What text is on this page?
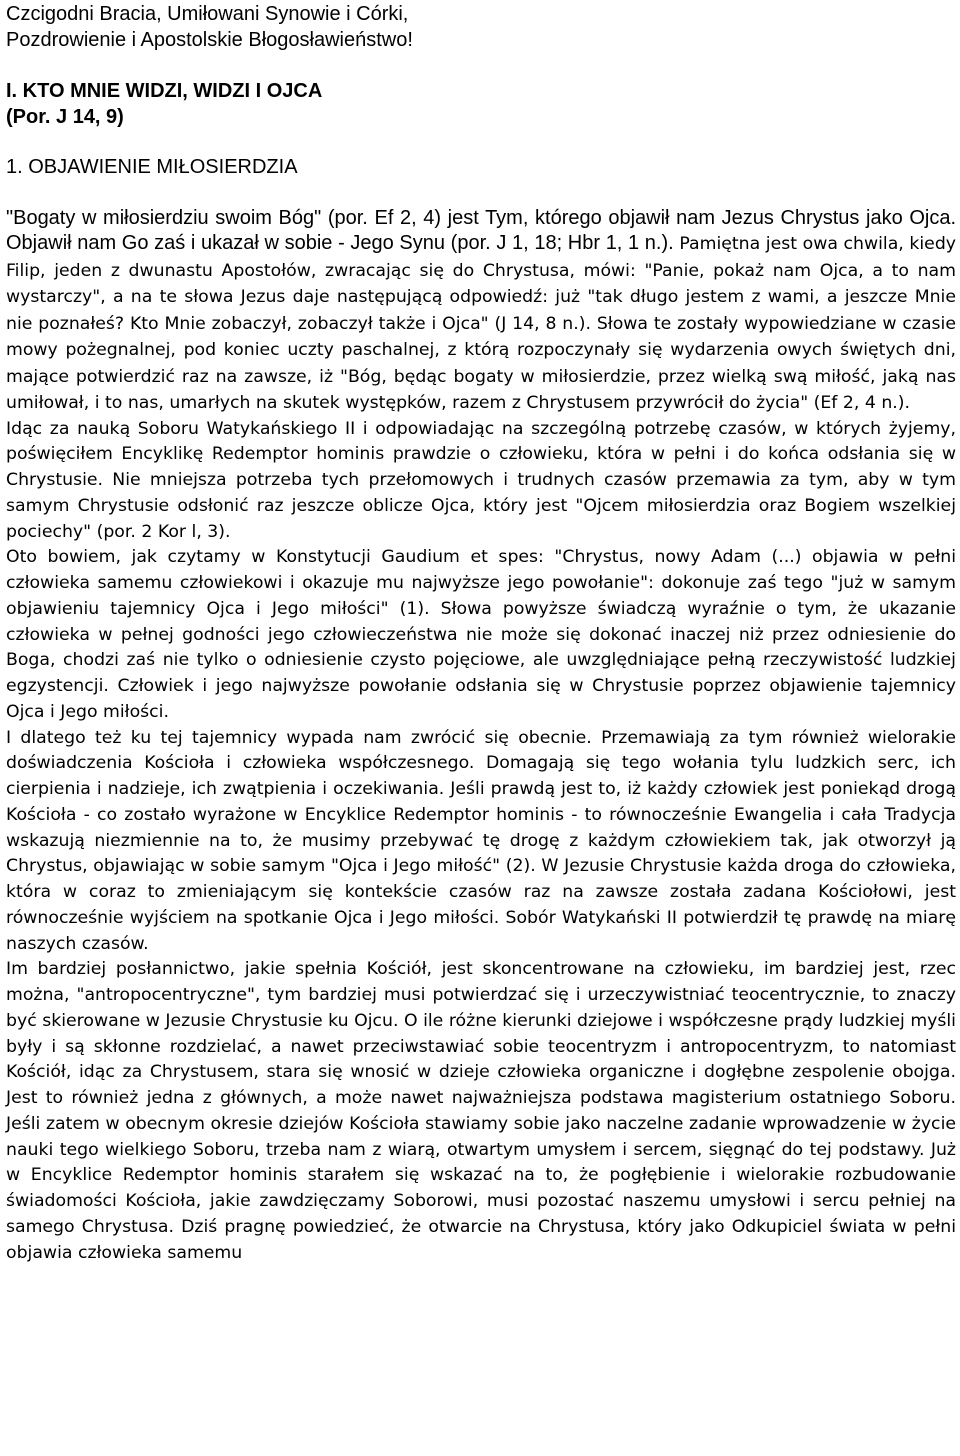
Czcigodni Bracia, Umiłowani Synowie i Córki,

Pozdrowienie i Apostolskie Błogosławieństwo!

I. KTO MNIE WIDZI, WIDZI I OJCA

(Por. J 14, 9)

1. OBJAWIENIE MIŁOSIERDZIA

"Bogaty w miłosierdziu swoim Bóg" (por. Ef 2, 4) jest Tym, którego objawił nam Jezus Chrystus jako Ojca. Objawił nam Go zaś i ukazał w sobie - Jego Synu (por. J 1, 18; Hbr 1, 1 n.). Pamiętna jest owa chwila, kiedy Filip, jeden z dwunastu Apostołów, zwracając się do Chrystusa, mówi: "Panie, pokaż nam Ojca, a to nam wystarczy", a na te słowa Jezus daje następującą odpowiedź: już "tak długo jestem z wami, a jeszcze Mnie nie poznałeś? Kto Mnie zobaczył, zobaczył także i Ojca" (J 14, 8 n.). Słowa te zostały wypowiedziane w czasie mowy pożegnalnej, pod koniec uczty paschalnej, z którą rozpoczynały się wydarzenia owych świętych dni, mające potwierdzić raz na zawsze, iż "Bóg, będąc bogaty w miłosierdzie, przez wielką swą miłość, jaką nas umiłował, i to nas, umarłych na skutek występków, razem z Chrystusem przywrócił do życia" (Ef 2, 4 n.).

Idąc za nauką Soboru Watykańskiego II i odpowiadając na szczególną potrzebę czasów, w których żyjemy, poświęciłem Encyklikę Redemptor hominis prawdzie o człowieku, która w pełni i do końca odsłania się w Chrystusie. Nie mniejsza potrzeba tych przełomowych i trudnych czasów przemawia za tym, aby w tym samym Chrystusie odsłonić raz jeszcze oblicze Ojca, który jest "Ojcem miłosierdzia oraz Bogiem wszelkiej pociechy" (por. 2 Kor l, 3).

Oto bowiem, jak czytamy w Konstytucji Gaudium et spes: "Chrystus, nowy Adam (...) objawia w pełni człowieka samemu człowiekowi i okazuje mu najwyższe jego powołanie": dokonuje zaś tego "już w samym objawieniu tajemnicy Ojca i Jego miłości" (1). Słowa powyższe świadczą wyraźnie o tym, że ukazanie człowieka w pełnej godności jego człowieczeństwa nie może się dokonać inaczej niż przez odniesienie do Boga, chodzi zaś nie tylko o odniesienie czysto pojęciowe, ale uwzględniające pełną rzeczywistość ludzkiej egzystencji. Człowiek i jego najwyższe powołanie odsłania się w Chrystusie poprzez objawienie tajemnicy Ojca i Jego miłości.

I dlatego też ku tej tajemnicy wypada nam zwrócić się obecnie. Przemawiają za tym również wielorakie doświadczenia Kościoła i człowieka współczesnego. Domagają się tego wołania tylu ludzkich serc, ich cierpienia i nadzieje, ich zwątpienia i oczekiwania. Jeśli prawdą jest to, iż każdy człowiek jest poniekąd drogą Kościoła - co zostało wyrażone w Encyklice Redemptor hominis - to równocześnie Ewangelia i cała Tradycja wskazują niezmiennie na to, że musimy przebywać tę drogę z każdym człowiekiem tak, jak otworzył ją Chrystus, objawiając w sobie samym "Ojca i Jego miłość" (2). W Jezusie Chrystusie każda droga do człowieka, która w coraz to zmieniającym się kontekście czasów raz na zawsze została zadana Kościołowi, jest równocześnie wyjściem na spotkanie Ojca i Jego miłości. Sobór Watykański II potwierdził tę prawdę na miarę naszych czasów.

Im bardziej posłannictwo, jakie spełnia Kościół, jest skoncentrowane na człowieku, im bardziej jest, rzec można, "antropocentryczne", tym bardziej musi potwierdzać się i urzeczywistniać teocentrycznie, to znaczy być skierowane w Jezusie Chrystusie ku Ojcu. O ile różne kierunki dziejowe i współczesne prądy ludzkiej myśli były i są skłonne rozdzielać, a nawet przeciwstawiać sobie teocentryzm i antropocentryzm, to natomiast Kościół, idąc za Chrystusem, stara się wnosić w dzieje człowieka organiczne i dogłębne zespolenie obojga. Jest to również jedna z głównych, a może nawet najważniejsza podstawa magisterium ostatniego Soboru. Jeśli zatem w obecnym okresie dziejów Kościoła stawiamy sobie jako naczelne zadanie wprowadzenie w życie nauki tego wielkiego Soboru, trzeba nam z wiarą, otwartym umysłem i sercem, sięgnąć do tej podstawy. Już w Encyklice Redemptor hominis starałem się wskazać na to, że pogłębienie i wielorakie rozbudowanie świadomości Kościoła, jakie zawdzięczamy Soborowi, musi pozostać naszemu umysłowi i sercu pełniej na samego Chrystusa. Dziś pragnę powiedzieć, że otwarcie na Chrystusa, który jako Odkupiciel świata w pełni objawia człowieka samemu
